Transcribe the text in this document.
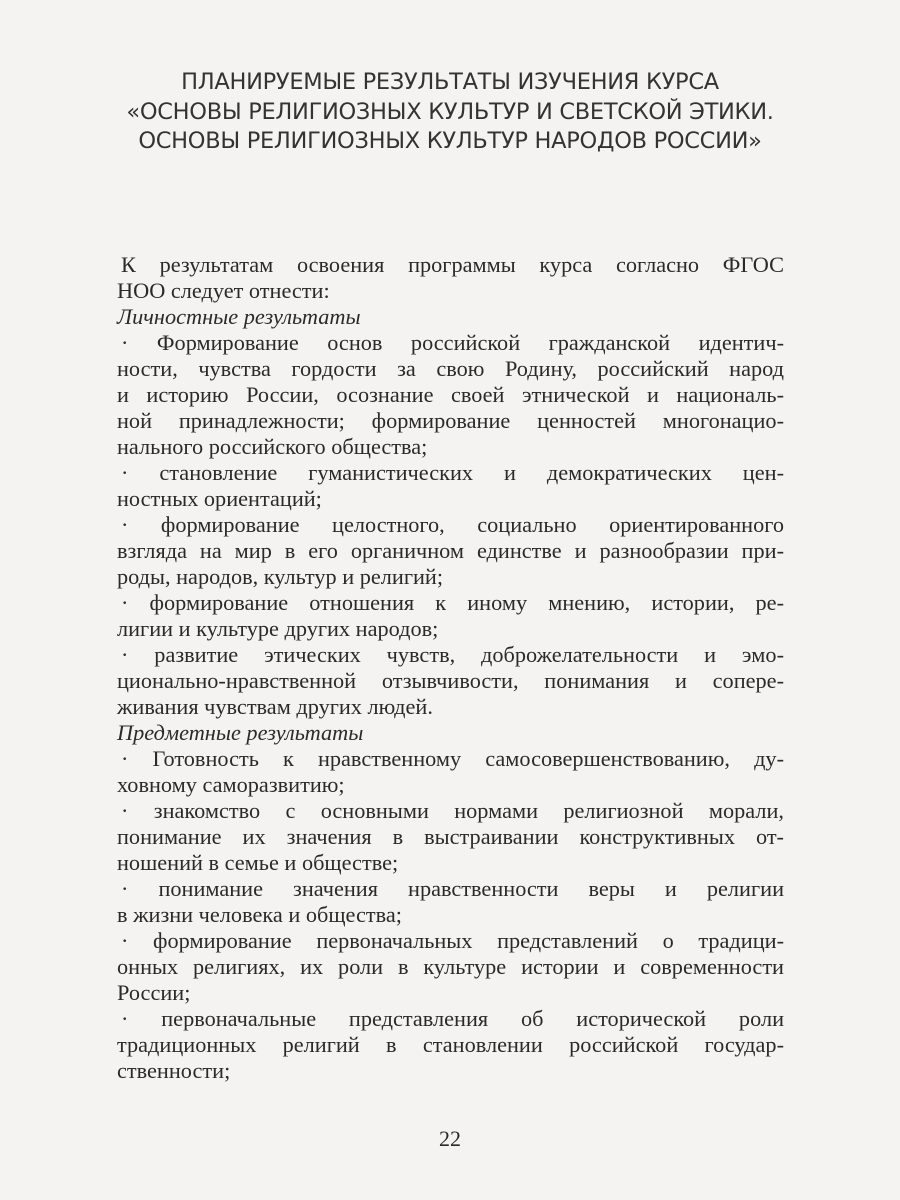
ПЛАНИРУЕМЫЕ РЕЗУЛЬТАТЫ ИЗУЧЕНИЯ КУРСА
«ОСНОВЫ РЕЛИГИОЗНЫХ КУЛЬТУР И СВЕТСКОЙ ЭТИКИ.
ОСНОВЫ РЕЛИГИОЗНЫХ КУЛЬТУР НАРОДОВ РОССИИ»
К результатам освоения программы курса согласно ФГОС
НОО следует отнести:
Личностные результаты
· Формирование основ российской гражданской идентич-
ности, чувства гордости за свою Родину, российский народ
и историю России, осознание своей этнической и националь-
ной принадлежности; формирование ценностей многонацио-
нального российского общества;
· становление гуманистических и демократических цен-
ностных ориентаций;
· формирование целостного, социально ориентированного
взгляда на мир в его органичном единстве и разнообразии при-
роды, народов, культур и религий;
· формирование отношения к иному мнению, истории, ре-
лигии и культуре других народов;
· развитие этических чувств, доброжелательности и эмо-
ционально-нравственной отзывчивости, понимания и сопере-
живания чувствам других людей.
Предметные результаты
· Готовность к нравственному самосовершенствованию, ду-
ховному саморазвитию;
· знакомство с основными нормами религиозной морали,
понимание их значения в выстраивании конструктивных от-
ношений в семье и обществе;
· понимание значения нравственности веры и религии
в жизни человека и общества;
· формирование первоначальных представлений о традици-
онных религиях, их роли в культуре истории и современности
России;
· первоначальные представления об исторической роли
традиционных религий в становлении российской государ-
ственности;
22
